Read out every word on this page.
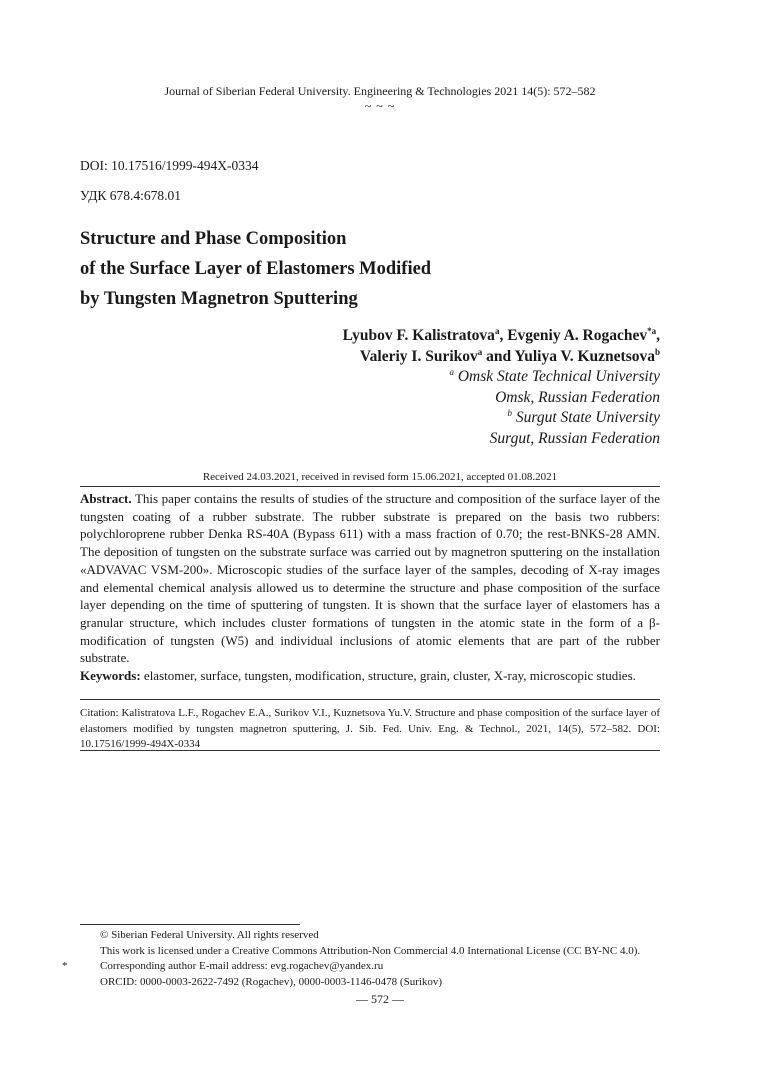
Journal of Siberian Federal University. Engineering & Technologies 2021 14(5): 572–582
~ ~ ~
DOI: 10.17516/1999-494X-0334
УДК 678.4:678.01
Structure and Phase Composition
of the Surface Layer of Elastomers Modified
by Tungsten Magnetron Sputtering
Lyubov F. Kalistratova$^a$, Evgeniy A. Rogachev$^{*a}$,
Valeriy I. Surikov$^a$ and Yuliya V. Kuznetsova$^b$
$^a$ Omsk State Technical University
Omsk, Russian Federation
$^b$ Surgut State University
Surgut, Russian Federation
Received 24.03.2021, received in revised form 15.06.2021, accepted 01.08.2021
Abstract. This paper contains the results of studies of the structure and composition of the surface layer of the tungsten coating of a rubber substrate. The rubber substrate is prepared on the basis two rubbers: polychloroprene rubber Denka RS-40A (Bypass 611) with a mass fraction of 0.70; the rest-BNKS-28 AMN. The deposition of tungsten on the substrate surface was carried out by magnetron sputtering on the installation «ADVAVAC VSM-200». Microscopic studies of the surface layer of the samples, decoding of X-ray images and elemental chemical analysis allowed us to determine the structure and phase composition of the surface layer depending on the time of sputtering of tungsten. It is shown that the surface layer of elastomers has a granular structure, which includes cluster formations of tungsten in the atomic state in the form of a β-modification of tungsten (W5) and individual inclusions of atomic elements that are part of the rubber substrate.
Keywords: elastomer, surface, tungsten, modification, structure, grain, cluster, X-ray, microscopic studies.
Citation: Kalistratova L.F., Rogachev E.A., Surikov V.I., Kuznetsova Yu.V. Structure and phase composition of the surface layer of elastomers modified by tungsten magnetron sputtering, J. Sib. Fed. Univ. Eng. & Technol., 2021, 14(5), 572–582. DOI: 10.17516/1999-494X-0334
© Siberian Federal University. All rights reserved
This work is licensed under a Creative Commons Attribution-Non Commercial 4.0 International License (CC BY-NC 4.0).
*	Corresponding author E-mail address: evg.rogachev@yandex.ru
ORCID: 0000-0003-2622-7492 (Rogachev), 0000-0003-1146-0478 (Surikov)
— 572 —
